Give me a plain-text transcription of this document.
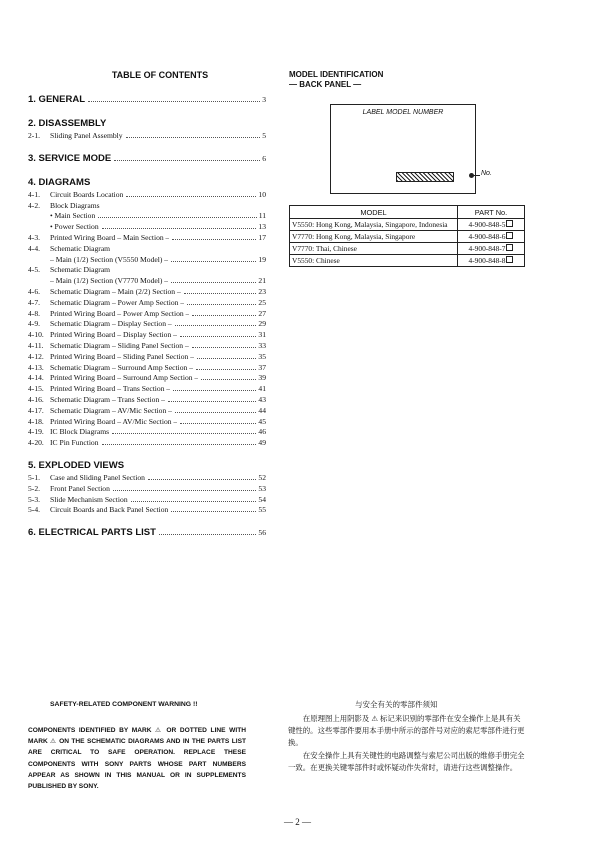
TABLE OF CONTENTS
1. GENERAL	3
2. DISASSEMBLY
2-1.	Sliding Panel Assembly	5
3. SERVICE MODE	6
4. DIAGRAMS
4-1.	Circuit Boards Location	10
4-2.	Block Diagrams
• Main Section	11
• Power Section	13
4-3.	Printed Wiring Board – Main Section –	17
4-4.	Schematic Diagram
– Main (1/2) Section (V5550 Model) –	19
4-5.	Schematic Diagram
– Main (1/2) Section (V7770 Model) –	21
4-6.	Schematic Diagram – Main (2/2) Section –	23
4-7.	Schematic Diagram – Power Amp Section –	25
4-8.	Printed Wiring Board – Power Amp Section –	27
4-9.	Schematic Diagram – Display Section –	29
4-10. Printed Wiring Board – Display Section –	31
4-11. Schematic Diagram – Sliding Panel Section –	33
4-12. Printed Wiring Board – Sliding Panel Section –	35
4-13. Schematic Diagram – Surround Amp Section –	37
4-14. Printed Wiring Board – Surround Amp Section –	39
4-15. Printed Wiring Board – Trans Section –	41
4-16. Schematic Diagram – Trans Section –	43
4-17. Schematic Diagram – AV/Mic Section –	44
4-18. Printed Wiring Board – AV/Mic Section –	45
4-19. IC Block Diagrams	46
4-20. IC Pin Function	49
5. EXPLODED VIEWS
5-1.	Case and Sliding Panel Section	52
5-2.	Front Panel Section	53
5-3.	Slide Mechanism Section	54
5-4.	Circuit Boards and Back Panel Section	55
6. ELECTRICAL PARTS LIST	56
MODEL IDENTIFICATION
— BACK PANEL —
LABEL MODEL NUMBER
No.
MODEL	PART No.
V5550: Hong Kong, Malaysia, Singapore, Indonesia	4-900-848-5
V7770: Hong Kong, Malaysia, Singapore	4-900-848-6
V7770: Thai, Chinese	4-900-848-7
V5550: Chinese	4-900-848-8
SAFETY-RELATED COMPONENT WARNING !!
COMPONENTS IDENTIFIED BY MARK ⚠ OR DOTTED LINE WITH MARK ⚠ ON THE SCHEMATIC DIAGRAMS AND IN THE PARTS LIST ARE CRITICAL TO SAFE OPERATION. REPLACE THESE COMPONENTS WITH SONY PARTS WHOSE PART NUMBERS APPEAR AS SHOWN IN THIS MANUAL OR IN SUPPLEMENTS PUBLISHED BY SONY.
与安全有关的零部件须知

在原理图上用阴影及 ⚠ 标记来识别的零部件在安全操作上是具有关键性的。这些零部件要用本手册中所示的部件号对应的索尼零部件进行更换。

在安全操作上具有关键性的电路调整与索尼公司出版的维修手册完全一致。在更换关键零部件时或怀疑动作失常时，请进行这些调整操作。

— 2 —
